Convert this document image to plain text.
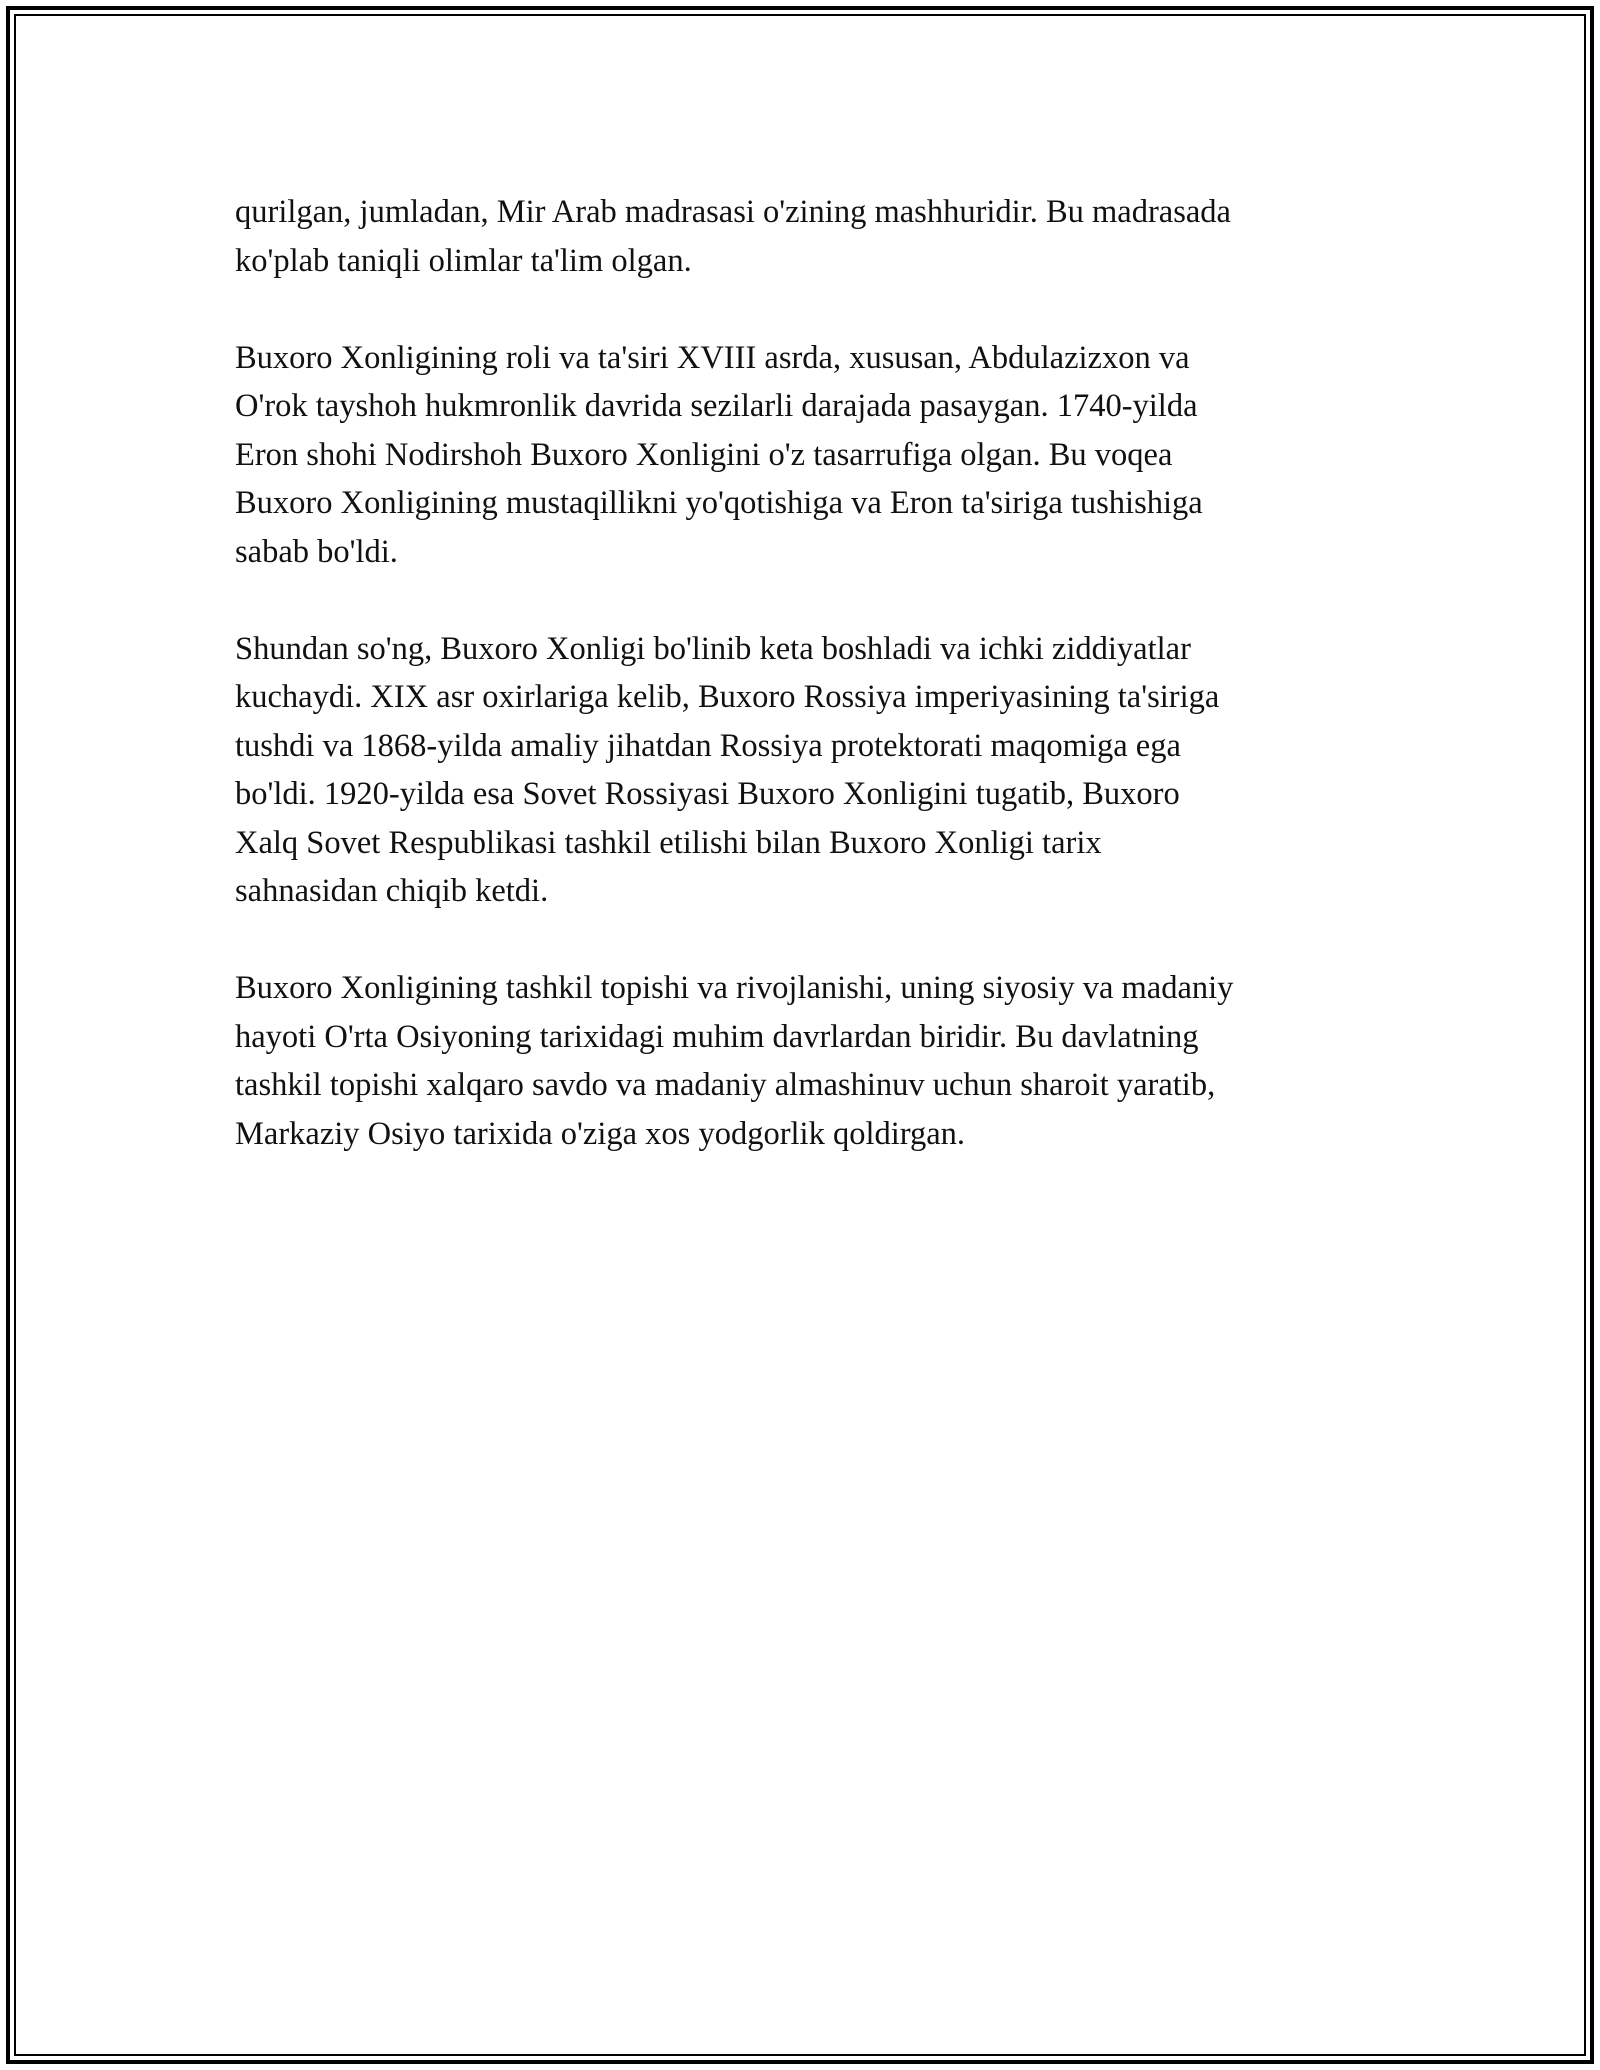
qurilgan, jumladan, Mir Arab madrasasi o'zining mashhuridir. Bu madrasada
ko'plab taniqli olimlar ta'lim olgan.

Buxoro Xonligining roli va ta'siri XVIII asrda, xususan, Abdulazizxon va
O'rok tayshoh hukmronlik davrida sezilarli darajada pasaygan. 1740-yilda
Eron shohi Nodirshoh Buxoro Xonligini o'z tasarrufiga olgan. Bu voqea
Buxoro Xonligining mustaqillikni yo'qotishiga va Eron ta'siriga tushishiga
sabab bo'ldi.

Shundan so'ng, Buxoro Xonligi bo'linib keta boshladi va ichki ziddiyatlar
kuchaydi. XIX asr oxirlariga kelib, Buxoro Rossiya imperiyasining ta'siriga
tushdi va 1868-yilda amaliy jihatdan Rossiya protektorati maqomiga ega
bo'ldi. 1920-yilda esa Sovet Rossiyasi Buxoro Xonligini tugatib, Buxoro
Xalq Sovet Respublikasi tashkil etilishi bilan Buxoro Xonligi tarix
sahnasidan chiqib ketdi.

Buxoro Xonligining tashkil topishi va rivojlanishi, uning siyosiy va madaniy
hayoti O'rta Osiyoning tarixidagi muhim davrlardan biridir. Bu davlatning
tashkil topishi xalqaro savdo va madaniy almashinuv uchun sharoit yaratib,
Markaziy Osiyo tarixida o'ziga xos yodgorlik qoldirgan.
